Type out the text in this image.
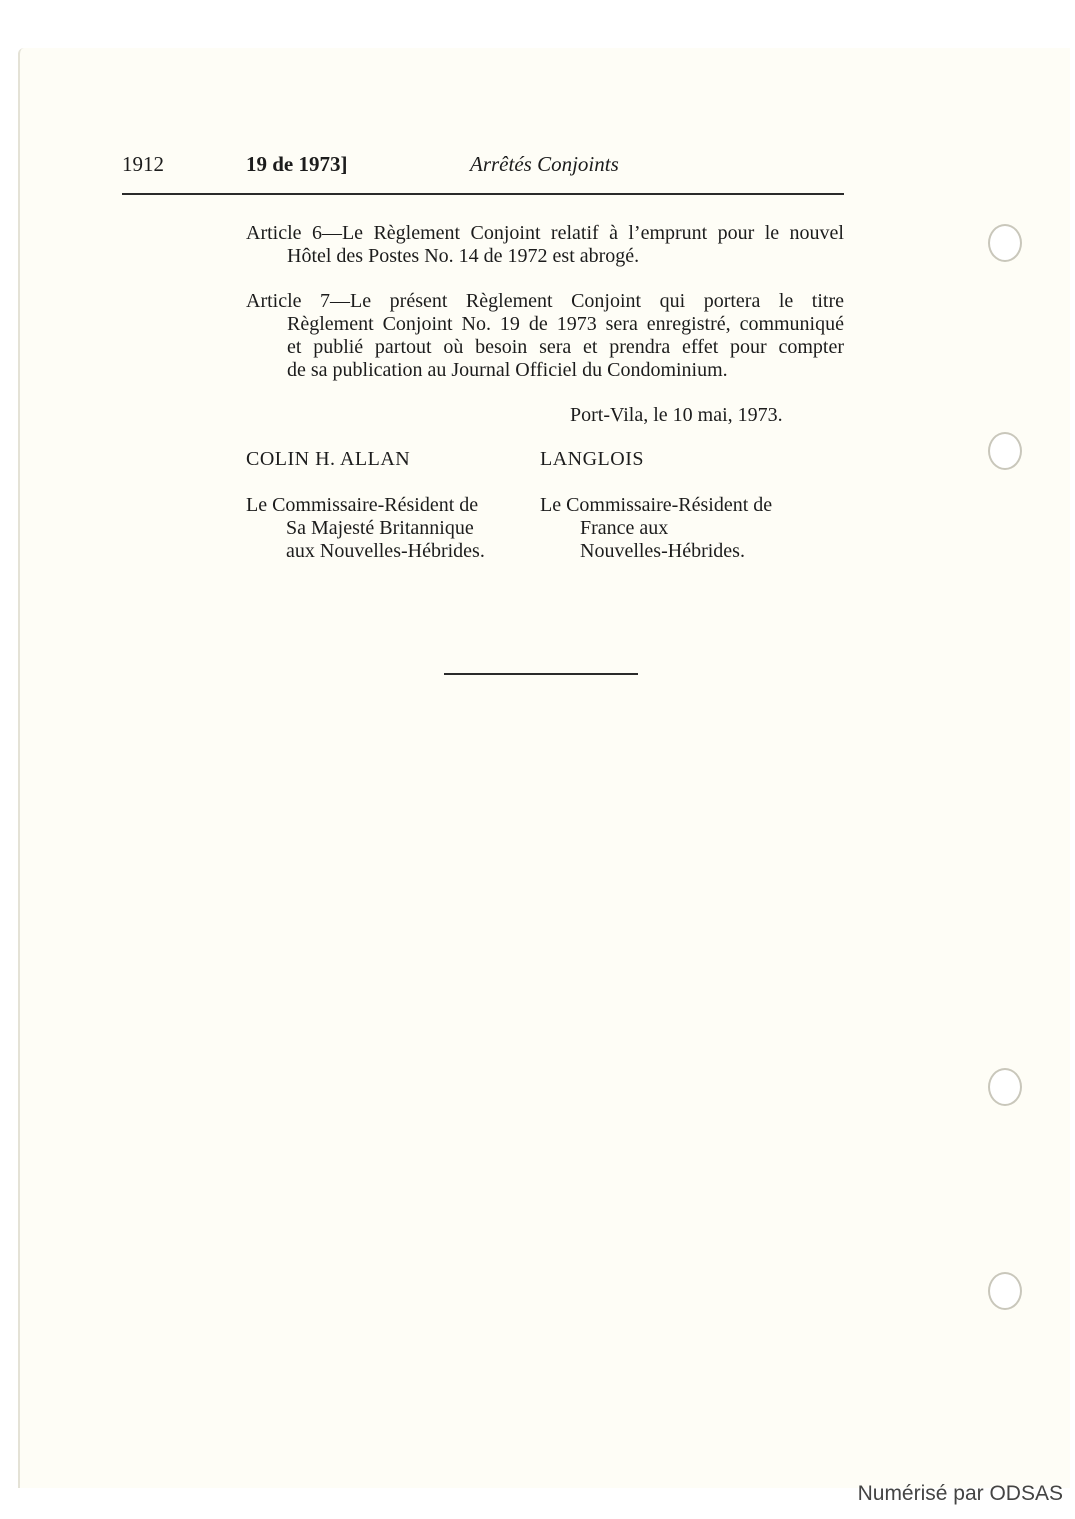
1912	19 de 1973]	Arrêtés Conjoints
Article 6—Le Règlement Conjoint relatif à l’emprunt pour le nouvel
Hôtel des Postes No. 14 de 1972 est abrogé.
Article 7—Le présent Règlement Conjoint qui portera le titre
Règlement Conjoint No. 19 de 1973 sera enregistré, communiqué
et publié partout où besoin sera et prendra effet pour compter
de sa publication au Journal Officiel du Condominium.
Port-Vila, le 10 mai, 1973.
COLIN H. ALLAN	LANGLOIS
Le Commissaire-Résident de
Sa Majesté Britannique
aux Nouvelles-Hébrides.
Le Commissaire-Résident de
France aux
Nouvelles-Hébrides.
Numérisé par ODSAS
